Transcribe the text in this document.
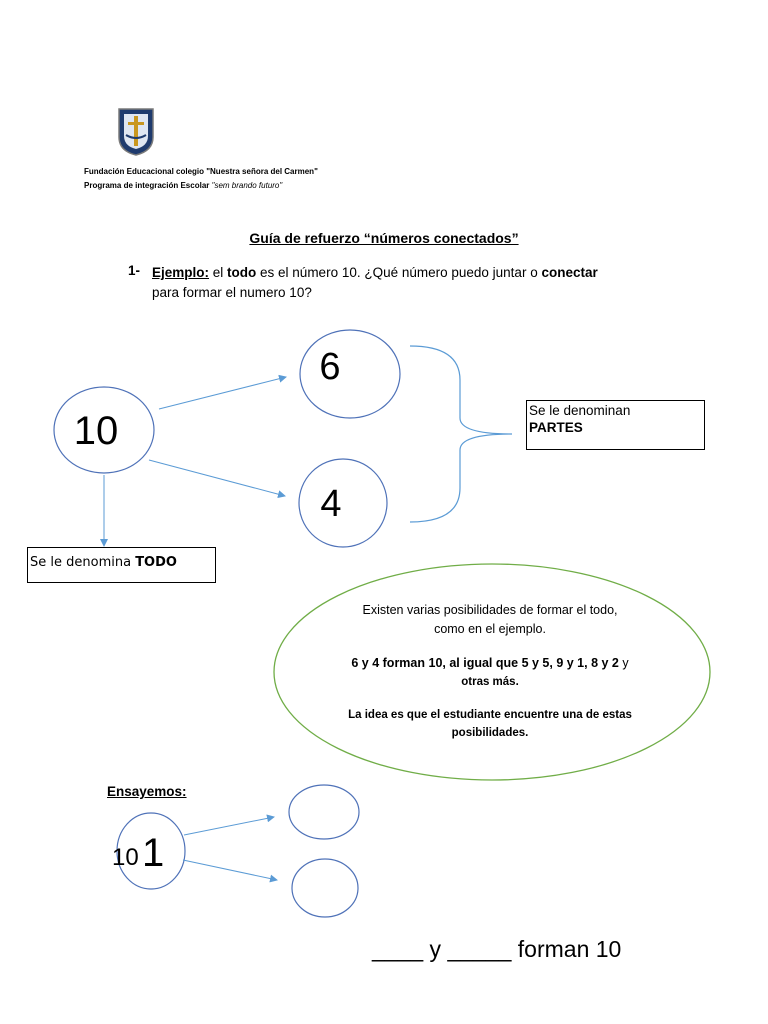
Fundación Educacional colegio "Nuestra señora del Carmen"
Programa de integración Escolar "sem brando futuro"
Guía de refuerzo “números conectados”
1- Ejemplo: el todo es el número 10. ¿Qué número puedo juntar o conectar
para formar el numero 10?
10
6
4
Se le denominan
PARTES
Se le denomina TODO
Existen varias posibilidades de formar el todo,
como en el ejemplo.
6 y 4 forman 10, al igual que 5 y 5, 9 y 1, 8 y 2 y
otras más.
La idea es que el estudiante encuentre una de estas
posibilidades.
Ensayemos:
10 1
____ y _____ forman 10
